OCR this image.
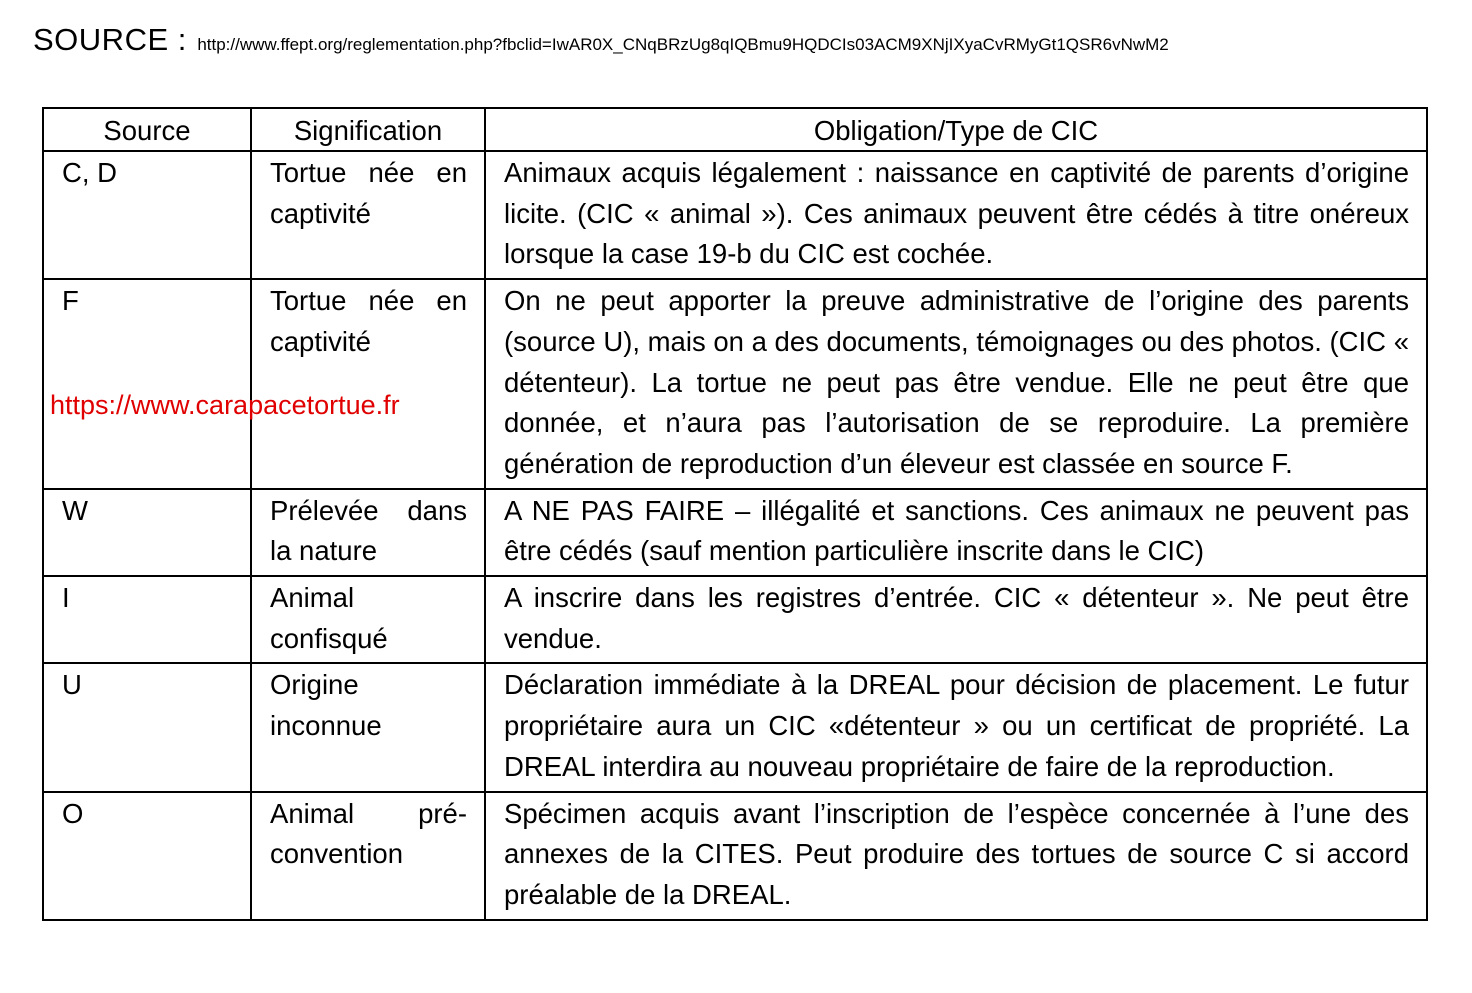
SOURCE : http://www.ffept.org/reglementation.php?fbclid=IwAR0X_CNqBRzUg8qIQBmu9HQDCIs03ACM9XNjIXyaCvRMyGt1QSR6vNwM2
Source	Signification	Obligation/Type de CIC
C, D	Tortue née en captivité	Animaux acquis légalement : naissance en captivité de parents d’origine licite. (CIC « animal »). Ces animaux peuvent être cédés à titre onéreux lorsque la case 19-b du CIC est cochée.
F	Tortue née en captivité	On ne peut apporter la preuve administrative de l’origine des parents (source U), mais on a des documents, témoignages ou des photos. (CIC « détenteur). La tortue ne peut pas être vendue. Elle ne peut être que donnée, et n’aura pas l’autorisation de se reproduire. La première génération de reproduction d’un éleveur est classée en source F.
W	Prélevée dans la nature	A NE PAS FAIRE – illégalité et sanctions. Ces animaux ne peuvent pas être cédés (sauf mention particulière inscrite dans le CIC)
I	Animal confisqué	A inscrire dans les registres d’entrée. CIC « détenteur ». Ne peut être vendue.
U	Origine inconnue	Déclaration immédiate à la DREAL pour décision de placement. Le futur propriétaire aura un CIC «détenteur » ou un certificat de propriété. La DREAL interdira au nouveau propriétaire de faire de la reproduction.
O	Animal pré-convention	Spécimen acquis avant l’inscription de l’espèce concernée à l’une des annexes de la CITES. Peut produire des tortues de source C si accord préalable de la DREAL.
https://www.carapacetortue.fr
